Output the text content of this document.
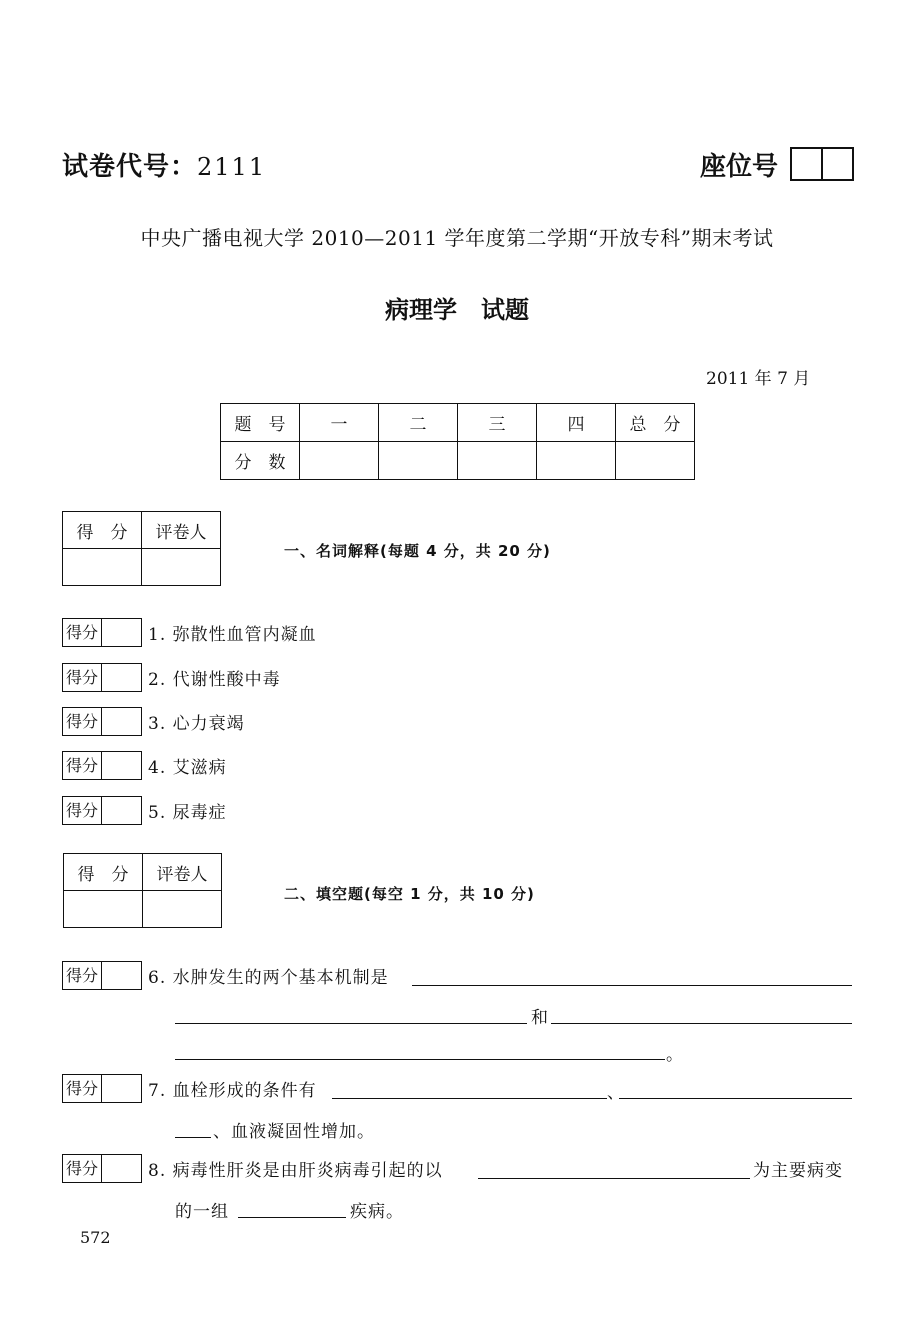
试卷代号：2111	座位号
中央广播电视大学 2010—2011 学年度第二学期“开放专科”期末考试
病理学　试题
2011 年 7 月
题　号	一	二	三	四	总　分
分　数					
得　分	评卷人

一、名词解释(每题 4 分，共 20 分)
得分	1. 弥散性血管内凝血
得分	2. 代谢性酸中毒
得分	3. 心力衰竭
得分	4. 艾滋病
得分	5. 尿毒症
得　分	评卷人

二、填空题(每空 1 分，共 10 分)
得分	6. 水肿发生的两个基本机制是
和
。
得分	7. 血栓形成的条件有	、
、血液凝固性增加。
得分	8. 病毒性肝炎是由肝炎病毒引起的以	为主要病变
的一组	疾病。
572
